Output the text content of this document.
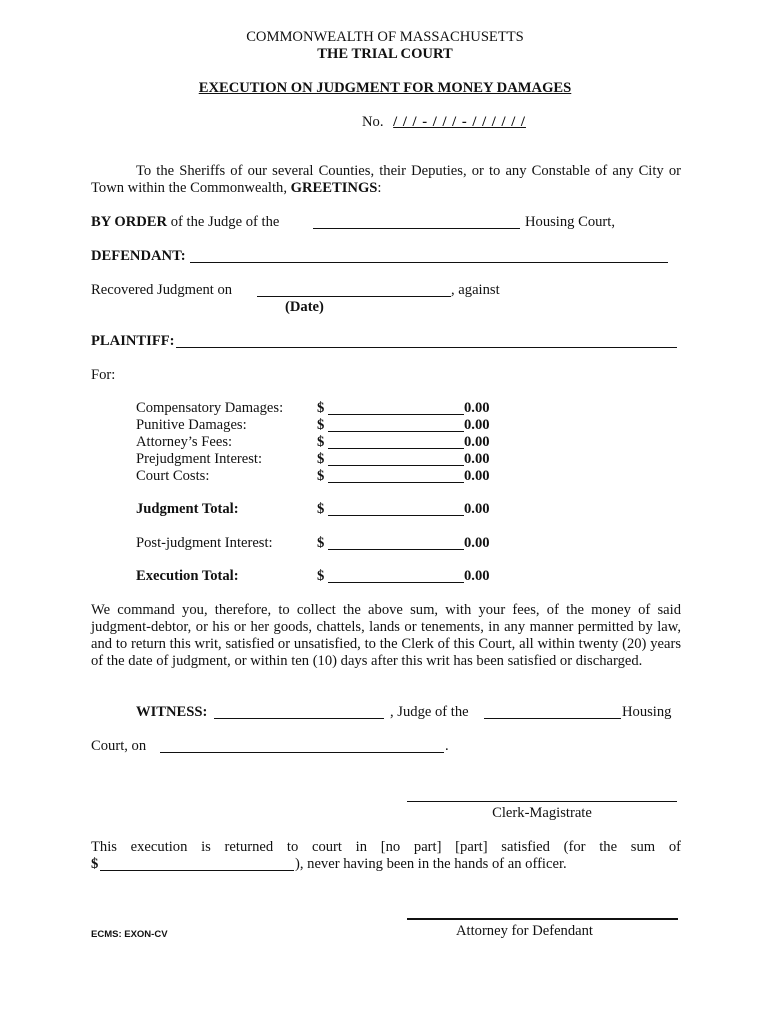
COMMONWEALTH OF MASSACHUSETTS
THE TRIAL COURT
EXECUTION ON JUDGMENT FOR MONEY DAMAGES
No. / / / - / / / - / / / / / /
To the Sheriffs of our several Counties, their Deputies, or to any Constable of any City or Town within the Commonwealth, GREETINGS:
BY ORDER of the Judge of the	Housing Court,
DEFENDANT:
Recovered Judgment on	, against
(Date)
PLAINTIFF:
For:
Compensatory Damages: $	0.00
Punitive Damages:	$	0.00
Attorney’s Fees:	$	0.00
Prejudgment Interest:	$	0.00
Court Costs:	$	0.00
Judgment Total:	$	0.00
Post-judgment Interest:	$	0.00
Execution Total:	$	0.00
We command you, therefore, to collect the above sum, with your fees, of the money of said judgment-debtor, or his or her goods, chattels, lands or tenements, in any manner permitted by law, and to return this writ, satisfied or unsatisfied, to the Clerk of this Court, all within twenty (20) years of the date of judgment, or within ten (10) days after this writ has been satisfied or discharged.
WITNESS:	, Judge of the	Housing
Court, on	.
Clerk-Magistrate
This execution is returned to court in [no part] [part] satisfied (for the sum of
$	), never having been in the hands of an officer.
ECMS: EXON-CV	Attorney for Defendant
